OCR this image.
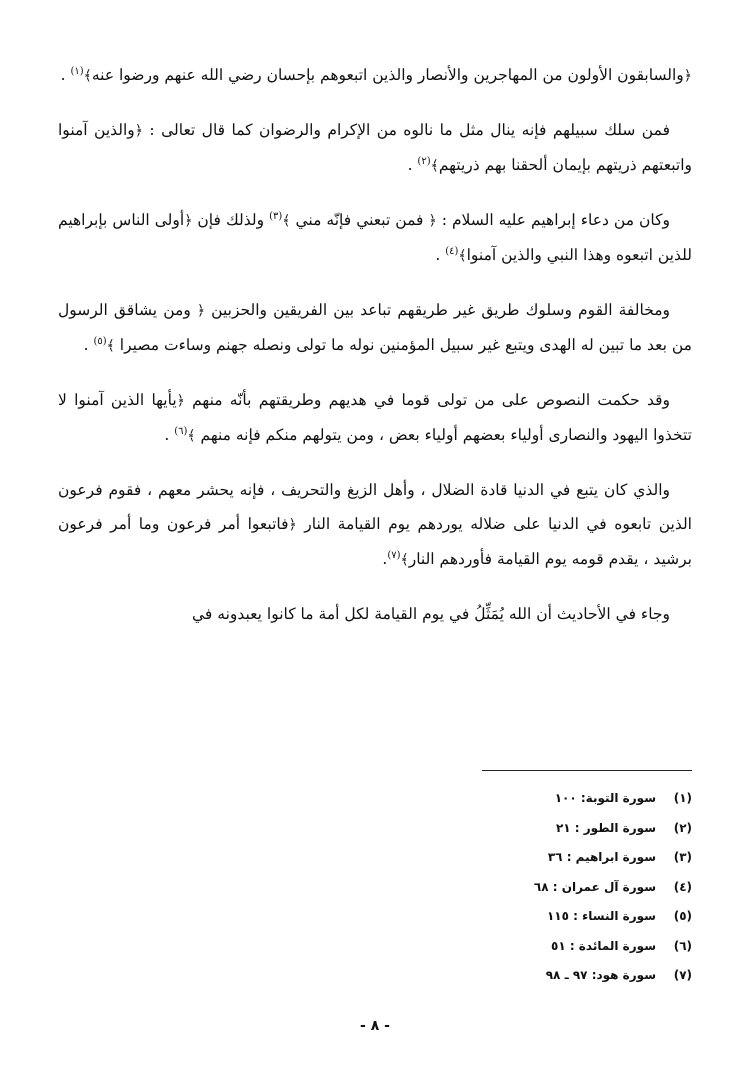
﴿والسابقون الأولون من المهاجرين والأنصار والذين اتبعوهم بإحسان رضي الله عنهم ورضوا عنه﴾$^{(١)}$ .

فمن سلك سبيلهم فإنه ينال مثل ما نالوه من الإكرام والرضوان كما قال تعالى : ﴿والذين آمنوا واتبعتهم ذريتهم بإيمان ألحقنا بهم ذريتهم﴾$^{(٢)}$ .

وكان من دعاء إبراهيم عليه السلام : ﴿ فمن تبعني فإنّه مني ﴾$^{(٣)}$ ولذلك فإن ﴿أولى الناس بإبراهيم للذين اتبعوه وهذا النبي والذين آمنوا﴾$^{(٤)}$ .

ومخالفة القوم وسلوك طريق غير طريقهم تباعد بين الفريقين والحزبين ﴿ ومن يشاقق الرسول من بعد ما تبين له الهدى ويتبع غير سبيل المؤمنين نوله ما تولى ونصله جهنم وساءت مصيرا ﴾$^{(٥)}$ .

وقد حكمت النصوص على من تولى قوما في هديهم وطريقتهم بأنّه منهم ﴿يأيها الذين آمنوا لا تتخذوا اليهود والنصارى أولياء بعضهم أولياء بعض ، ومن يتولهم منكم فإنه منهم ﴾$^{(٦)}$ .

والذي كان يتبع في الدنيا قادة الضلال ، وأهل الزيغ والتحريف ، فإنه يحشر معهم ، فقوم فرعون الذين تابعوه في الدنيا على ضلاله يوردهم يوم القيامة النار ﴿فاتبعوا أمر فرعون وما أمر فرعون برشيد ، يقدم قومه يوم القيامة فأوردهم النار﴾$^{(٧)}$.

وجاء في الأحاديث أن الله يُمَثِّلُ في يوم القيامة لكل أمة ما كانوا يعبدونه في

(١)سورة التوبة: ١٠٠
(٢)سورة الطور : ٢١
(٣)سورة ابراهيم : ٣٦
(٤)سورة آل عمران : ٦٨
(٥)سورة النساء : ١١٥
(٦)سورة المائدة : ٥١
(٧)سورة هود: ٩٧ ـ ٩٨
- ٨ -
